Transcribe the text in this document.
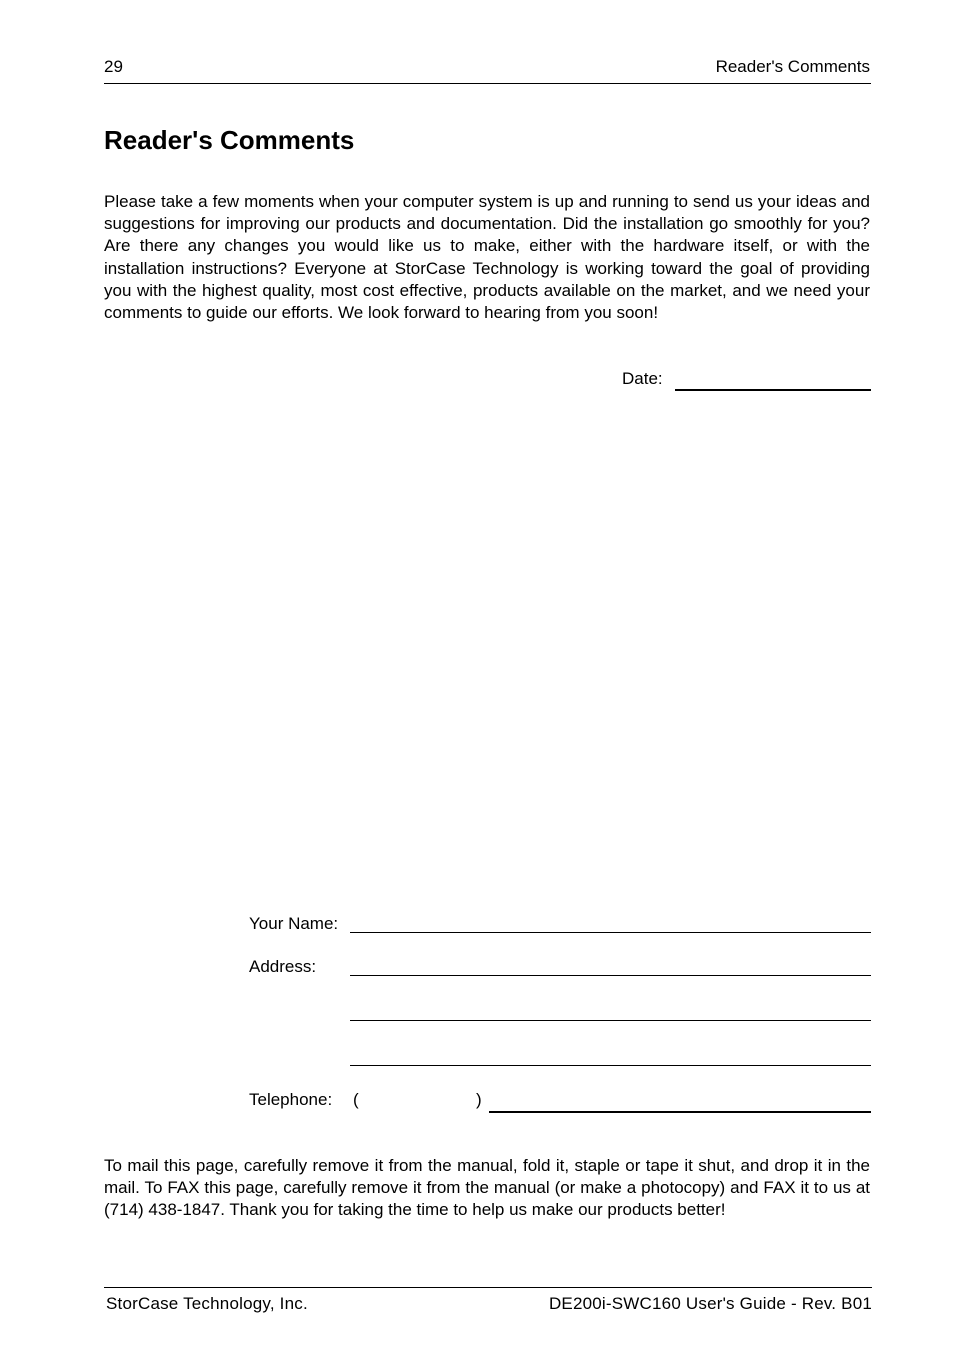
29	Reader's Comments
Reader's Comments
Please take a few moments when your computer system is up and running to send us your ideas and suggestions for improving our products and documentation. Did the installation go smoothly for you? Are there any changes you would like us to make, either with the hardware itself, or with the installation instructions? Everyone at StorCase Technology is working toward the goal of providing you with the highest quality, most cost effective, products available on the market, and we need your comments to guide our efforts. We look forward to hearing from you soon!
Date:
Your Name:
Address:
Telephone: (	)
To mail this page, carefully remove it from the manual, fold it, staple or tape it shut, and drop it in the mail. To FAX this page, carefully remove it from the manual (or make a photocopy) and FAX it to us at (714) 438-1847. Thank you for taking the time to help us make our products better!
StorCase Technology, Inc.	DE200i-SWC160 User's Guide - Rev. B01
